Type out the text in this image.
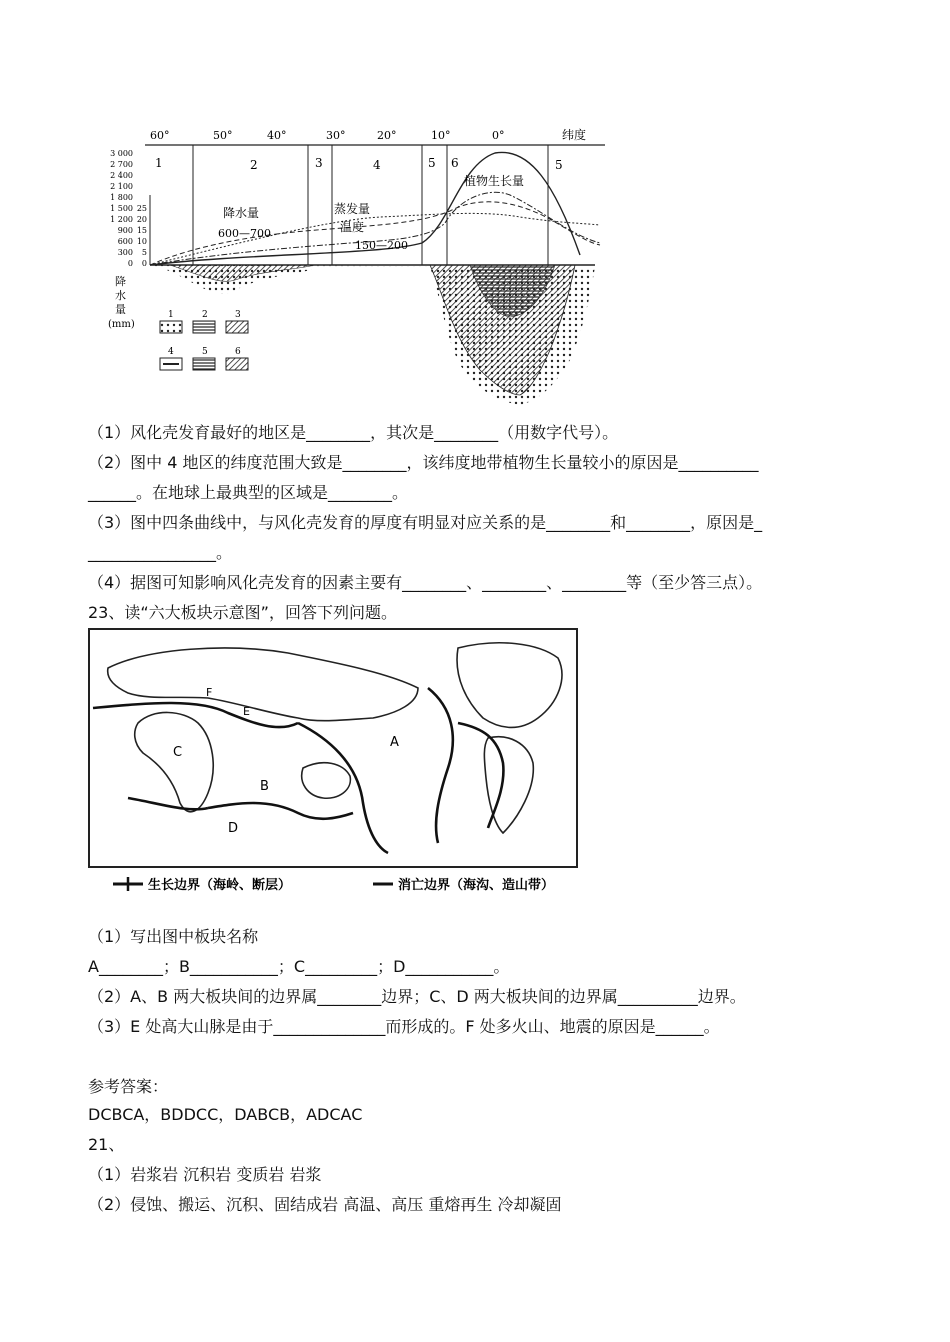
60°	50°	40°	30°	20°	10°	0°	纬度
1	2	3	4	5 6	5
3 000
2 700
2 400
2 100
1 800
1 500
1 200
900
600
300
0
25
20
15
10
5
0
降水量
600—700
蒸发量
温度
150—200
植物生长量
降
水
量
(mm)
1	2	3
4	5	6
（1）风化壳发育最好的地区是________，其次是________（用数字代号）。
（2）图中 4 地区的纬度范围大致是________，该纬度地带植物生长量较小的原因是__________
______。在地球上最典型的区域是________。
（3）图中四条曲线中，与风化壳发育的厚度有明显对应关系的是________和________，原因是_
________________。
（4）据图可知影响风化壳发育的因素主要有________、________、________等（至少答三点）。
23、读“六大板块示意图”，回答下列问题。
A
B
C
D
E
F
生长边界（海岭、断层）	消亡边界（海沟、造山带）
（1）写出图中板块名称
A________；B___________；C_________；D___________。
（2）A、B 两大板块间的边界属________边界；C、D 两大板块间的边界属__________边界。
（3）E 处高大山脉是由于______________而形成的。F 处多火山、地震的原因是______。
参考答案：
DCBCA，BDDCC，DABCB，ADCAC
21、
（1）岩浆岩 沉积岩 变质岩 岩浆
（2）侵蚀、搬运、沉积、固结成岩 高温、高压 重熔再生 冷却凝固
